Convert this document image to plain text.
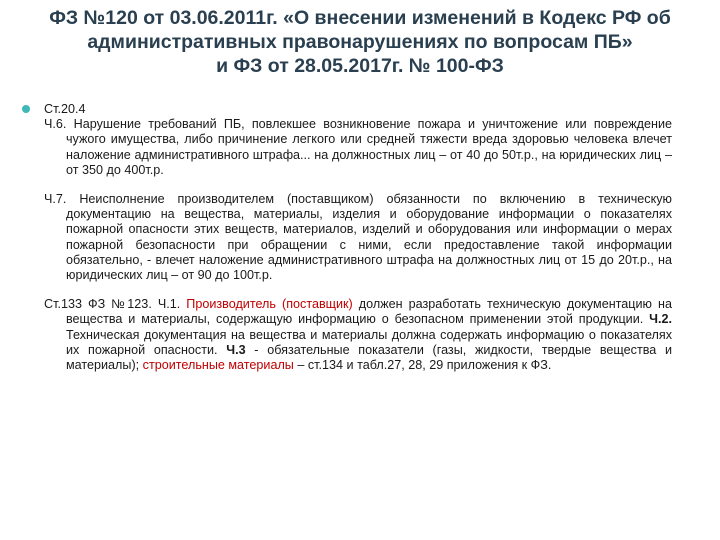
ФЗ №120 от 03.06.2011г. «О внесении изменений в Кодекс РФ об
административных правонарушениях по вопросам ПБ»
и ФЗ от 28.05.2017г. № 100-ФЗ
Ст.20.4
Ч.6. Нарушение требований ПБ, повлекшее возникновение пожара и уничтожение или повреждение чужого имущества, либо причинение легкого или средней тяжести вреда здоровью человека влечет наложение административного штрафа... на должностных лиц – от 40 до 50т.р., на юридических лиц – от 350 до 400т.р.
Ч.7. Неисполнение производителем (поставщиком) обязанности по включению в техническую документацию на вещества, материалы, изделия и оборудование информации о показателях пожарной опасности этих веществ, материалов, изделий и оборудования или информации о мерах пожарной безопасности при обращении с ними, если предоставление такой информации обязательно, - влечет наложение административного штрафа на должностных лиц от 15 до 20т.р., на юридических лиц – от 90 до 100т.р.
Ст.133 ФЗ №123. Ч.1. Производитель (поставщик) должен разработать техническую документацию на вещества и материалы, содержащую информацию о безопасном применении этой продукции. Ч.2. Техническая документация на вещества и материалы должна содержать информацию о показателях их пожарной опасности. Ч.3 - обязательные показатели (газы, жидкости, твердые вещества и материалы); строительные материалы – ст.134 и табл.27, 28, 29 приложения к ФЗ.
